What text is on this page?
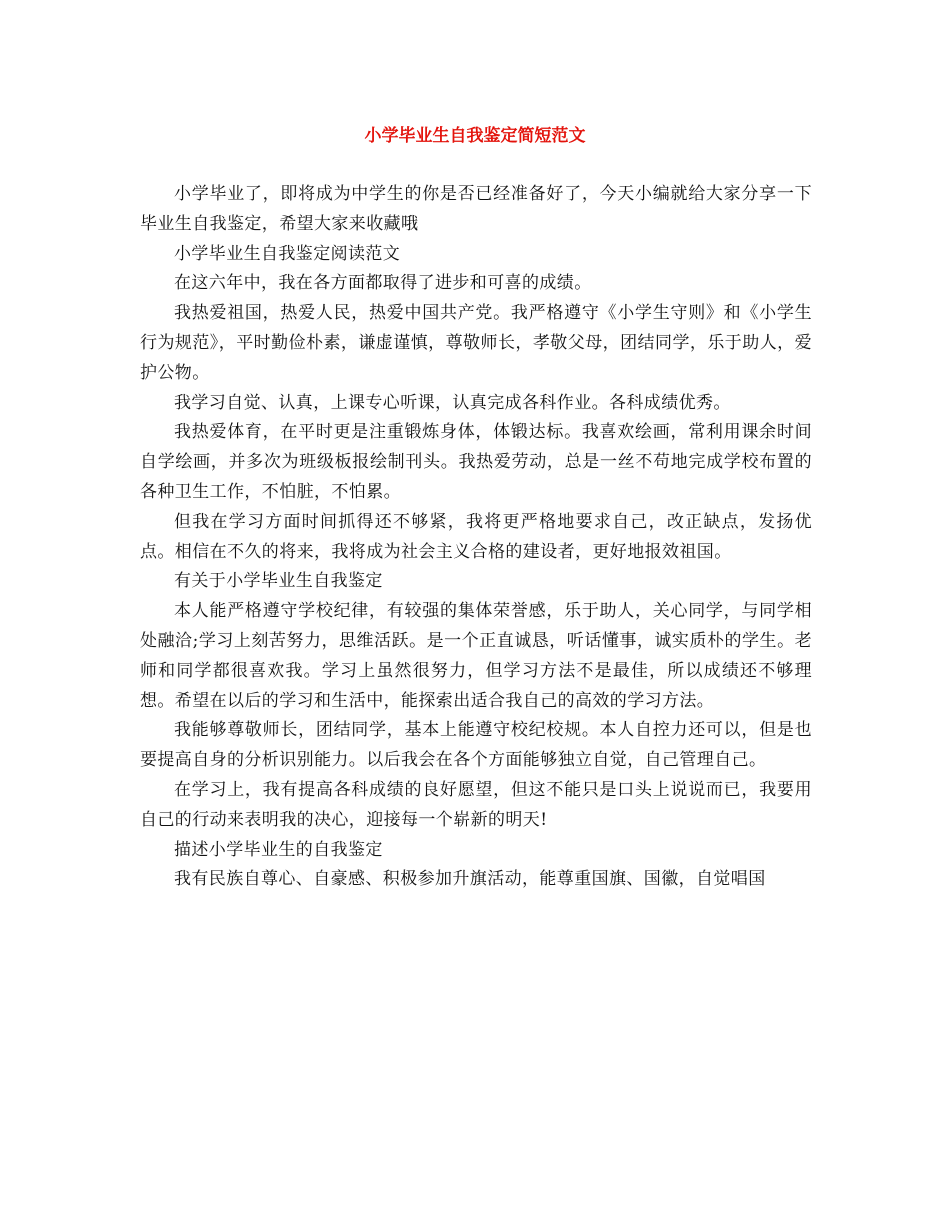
小学毕业生自我鉴定简短范文

小学毕业了，即将成为中学生的你是否已经准备好了，今天小编就给大家分享一下毕业生自我鉴定，希望大家来收藏哦

小学毕业生自我鉴定阅读范文

在这六年中，我在各方面都取得了进步和可喜的成绩。

我热爱祖国，热爱人民，热爱中国共产党。我严格遵守《小学生守则》和《小学生行为规范》，平时勤俭朴素，谦虚谨慎，尊敬师长，孝敬父母，团结同学，乐于助人，爱护公物。

我学习自觉、认真，上课专心听课，认真完成各科作业。各科成绩优秀。

我热爱体育，在平时更是注重锻炼身体，体锻达标。我喜欢绘画，常利用课余时间自学绘画，并多次为班级板报绘制刊头。我热爱劳动，总是一丝不苟地完成学校布置的各种卫生工作，不怕脏，不怕累。

但我在学习方面时间抓得还不够紧，我将更严格地要求自己，改正缺点，发扬优点。相信在不久的将来，我将成为社会主义合格的建设者，更好地报效祖国。

有关于小学毕业生自我鉴定

本人能严格遵守学校纪律，有较强的集体荣誉感，乐于助人，关心同学，与同学相处融洽;学习上刻苦努力，思维活跃。是一个正直诚恳，听话懂事，诚实质朴的学生。老师和同学都很喜欢我。学习上虽然很努力，但学习方法不是最佳，所以成绩还不够理想。希望在以后的学习和生活中，能探索出适合我自己的高效的学习方法。

我能够尊敬师长，团结同学，基本上能遵守校纪校规。本人自控力还可以，但是也要提高自身的分析识别能力。以后我会在各个方面能够独立自觉，自己管理自己。

在学习上，我有提高各科成绩的良好愿望，但这不能只是口头上说说而已，我要用自己的行动来表明我的决心，迎接每一个崭新的明天!

描述小学毕业生的自我鉴定

我有民族自尊心、自豪感、积极参加升旗活动，能尊重国旗、国徽，自觉唱国
